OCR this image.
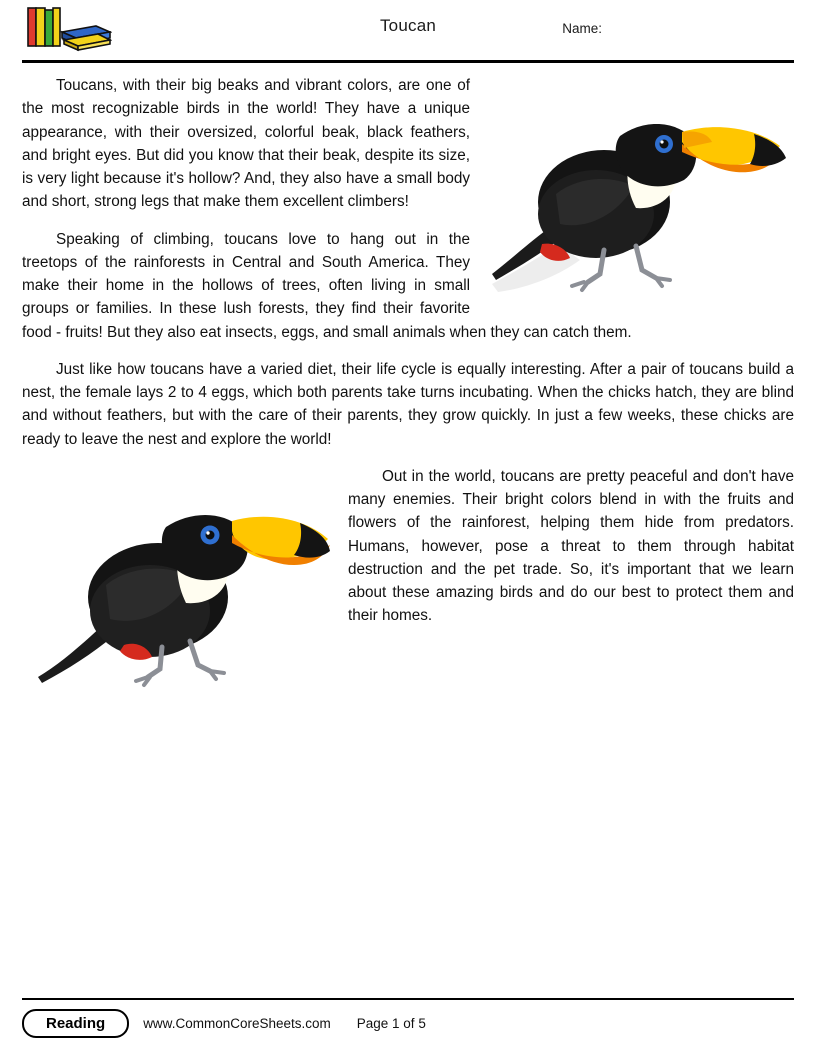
Toucan	Name:

Toucans, with their big beaks and vibrant colors, are one of the most recognizable birds in the world! They have a unique appearance, with their oversized, colorful beak, black feathers, and bright eyes. But did you know that their beak, despite its size, is very light because it's hollow? And, they also have a small body and short, strong legs that make them excellent climbers!

Speaking of climbing, toucans love to hang out in the treetops of the rainforests in Central and South America. They make their home in the hollows of trees, often living in small groups or families. In these lush forests, they find their favorite food - fruits! But they also eat insects, eggs, and small animals when they can catch them.

Just like how toucans have a varied diet, their life cycle is equally interesting. After a pair of toucans build a nest, the female lays 2 to 4 eggs, which both parents take turns incubating. When the chicks hatch, they are blind and without feathers, but with the care of their parents, they grow quickly. In just a few weeks, these chicks are ready to leave the nest and explore the world!

Out in the world, toucans are pretty peaceful and don't have many enemies. Their bright colors blend in with the fruits and flowers of the rainforest, helping them hide from predators. Humans, however, pose a threat to them through habitat destruction and the pet trade. So, it's important that we learn about these amazing birds and do our best to protect them and their homes.

Reading	www.CommonCoreSheets.com Page 1 of 5
